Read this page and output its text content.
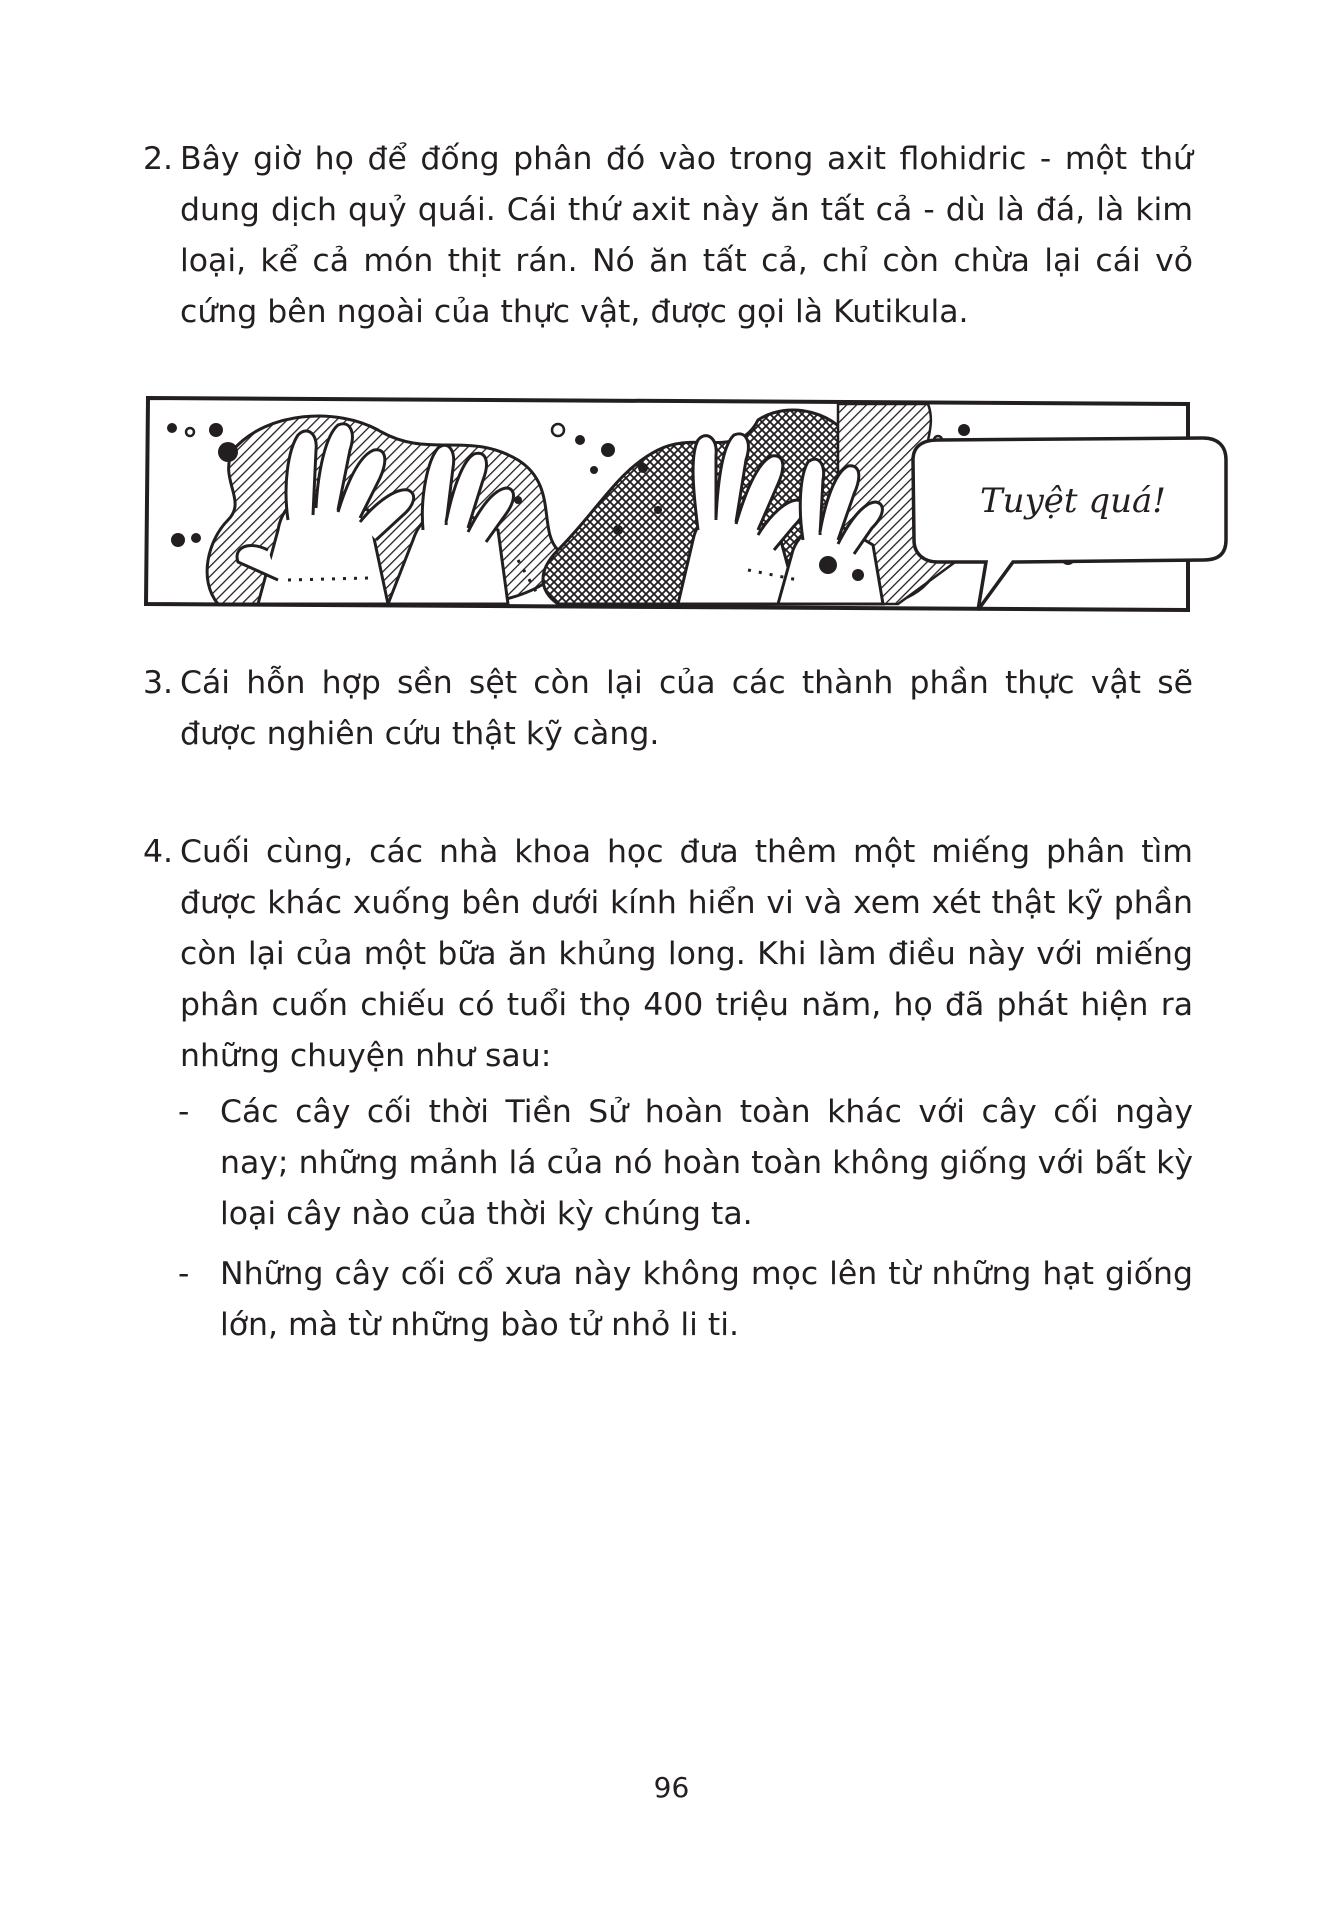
2. Bây giờ họ để đống phân đó vào trong axit flohidric - một thứ dung dịch quỷ quái. Cái thứ axit này ăn tất cả - dù là đá, là kim loại, kể cả món thịt rán. Nó ăn tất cả, chỉ còn chừa lại cái vỏ cứng bên ngoài của thực vật, được gọi là Kutikula.
Tuyệt quá!
3. Cái hỗn hợp sền sệt còn lại của các thành phần thực vật sẽ được nghiên cứu thật kỹ càng.
4. Cuối cùng, các nhà khoa học đưa thêm một miếng phân tìm được khác xuống bên dưới kính hiển vi và xem xét thật kỹ phần còn lại của một bữa ăn khủng long. Khi làm điều này với miếng phân cuốn chiếu có tuổi thọ 400 triệu năm, họ đã phát hiện ra những chuyện như sau:
- Các cây cối thời Tiền Sử hoàn toàn khác với cây cối ngày nay; những mảnh lá của nó hoàn toàn không giống với bất kỳ loại cây nào của thời kỳ chúng ta.
- Những cây cối cổ xưa này không mọc lên từ những hạt giống lớn, mà từ những bào tử nhỏ li ti.
96
